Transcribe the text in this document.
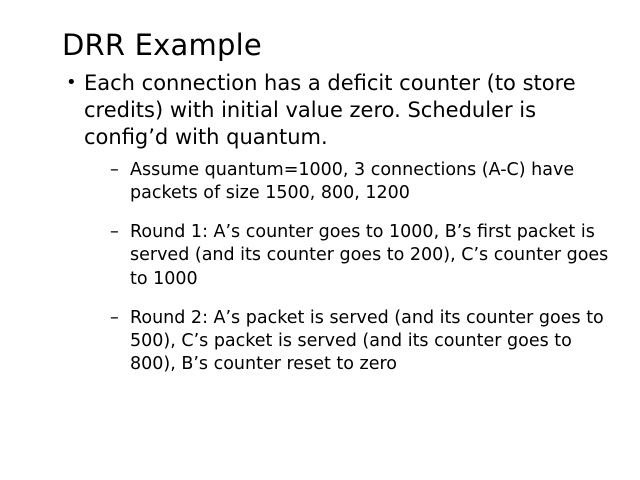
DRR Example
• Each connection has a deficit counter (to store credits) with initial value zero. Scheduler is config’d with quantum.
– Assume quantum=1000, 3 connections (A-C) have packets of size 1500, 800, 1200
– Round 1: A’s counter goes to 1000, B’s first packet is served (and its counter goes to 200), C’s counter goes to 1000
– Round 2: A’s packet is served (and its counter goes to 500), C’s packet is served (and its counter goes to 800), B’s counter reset to zero
